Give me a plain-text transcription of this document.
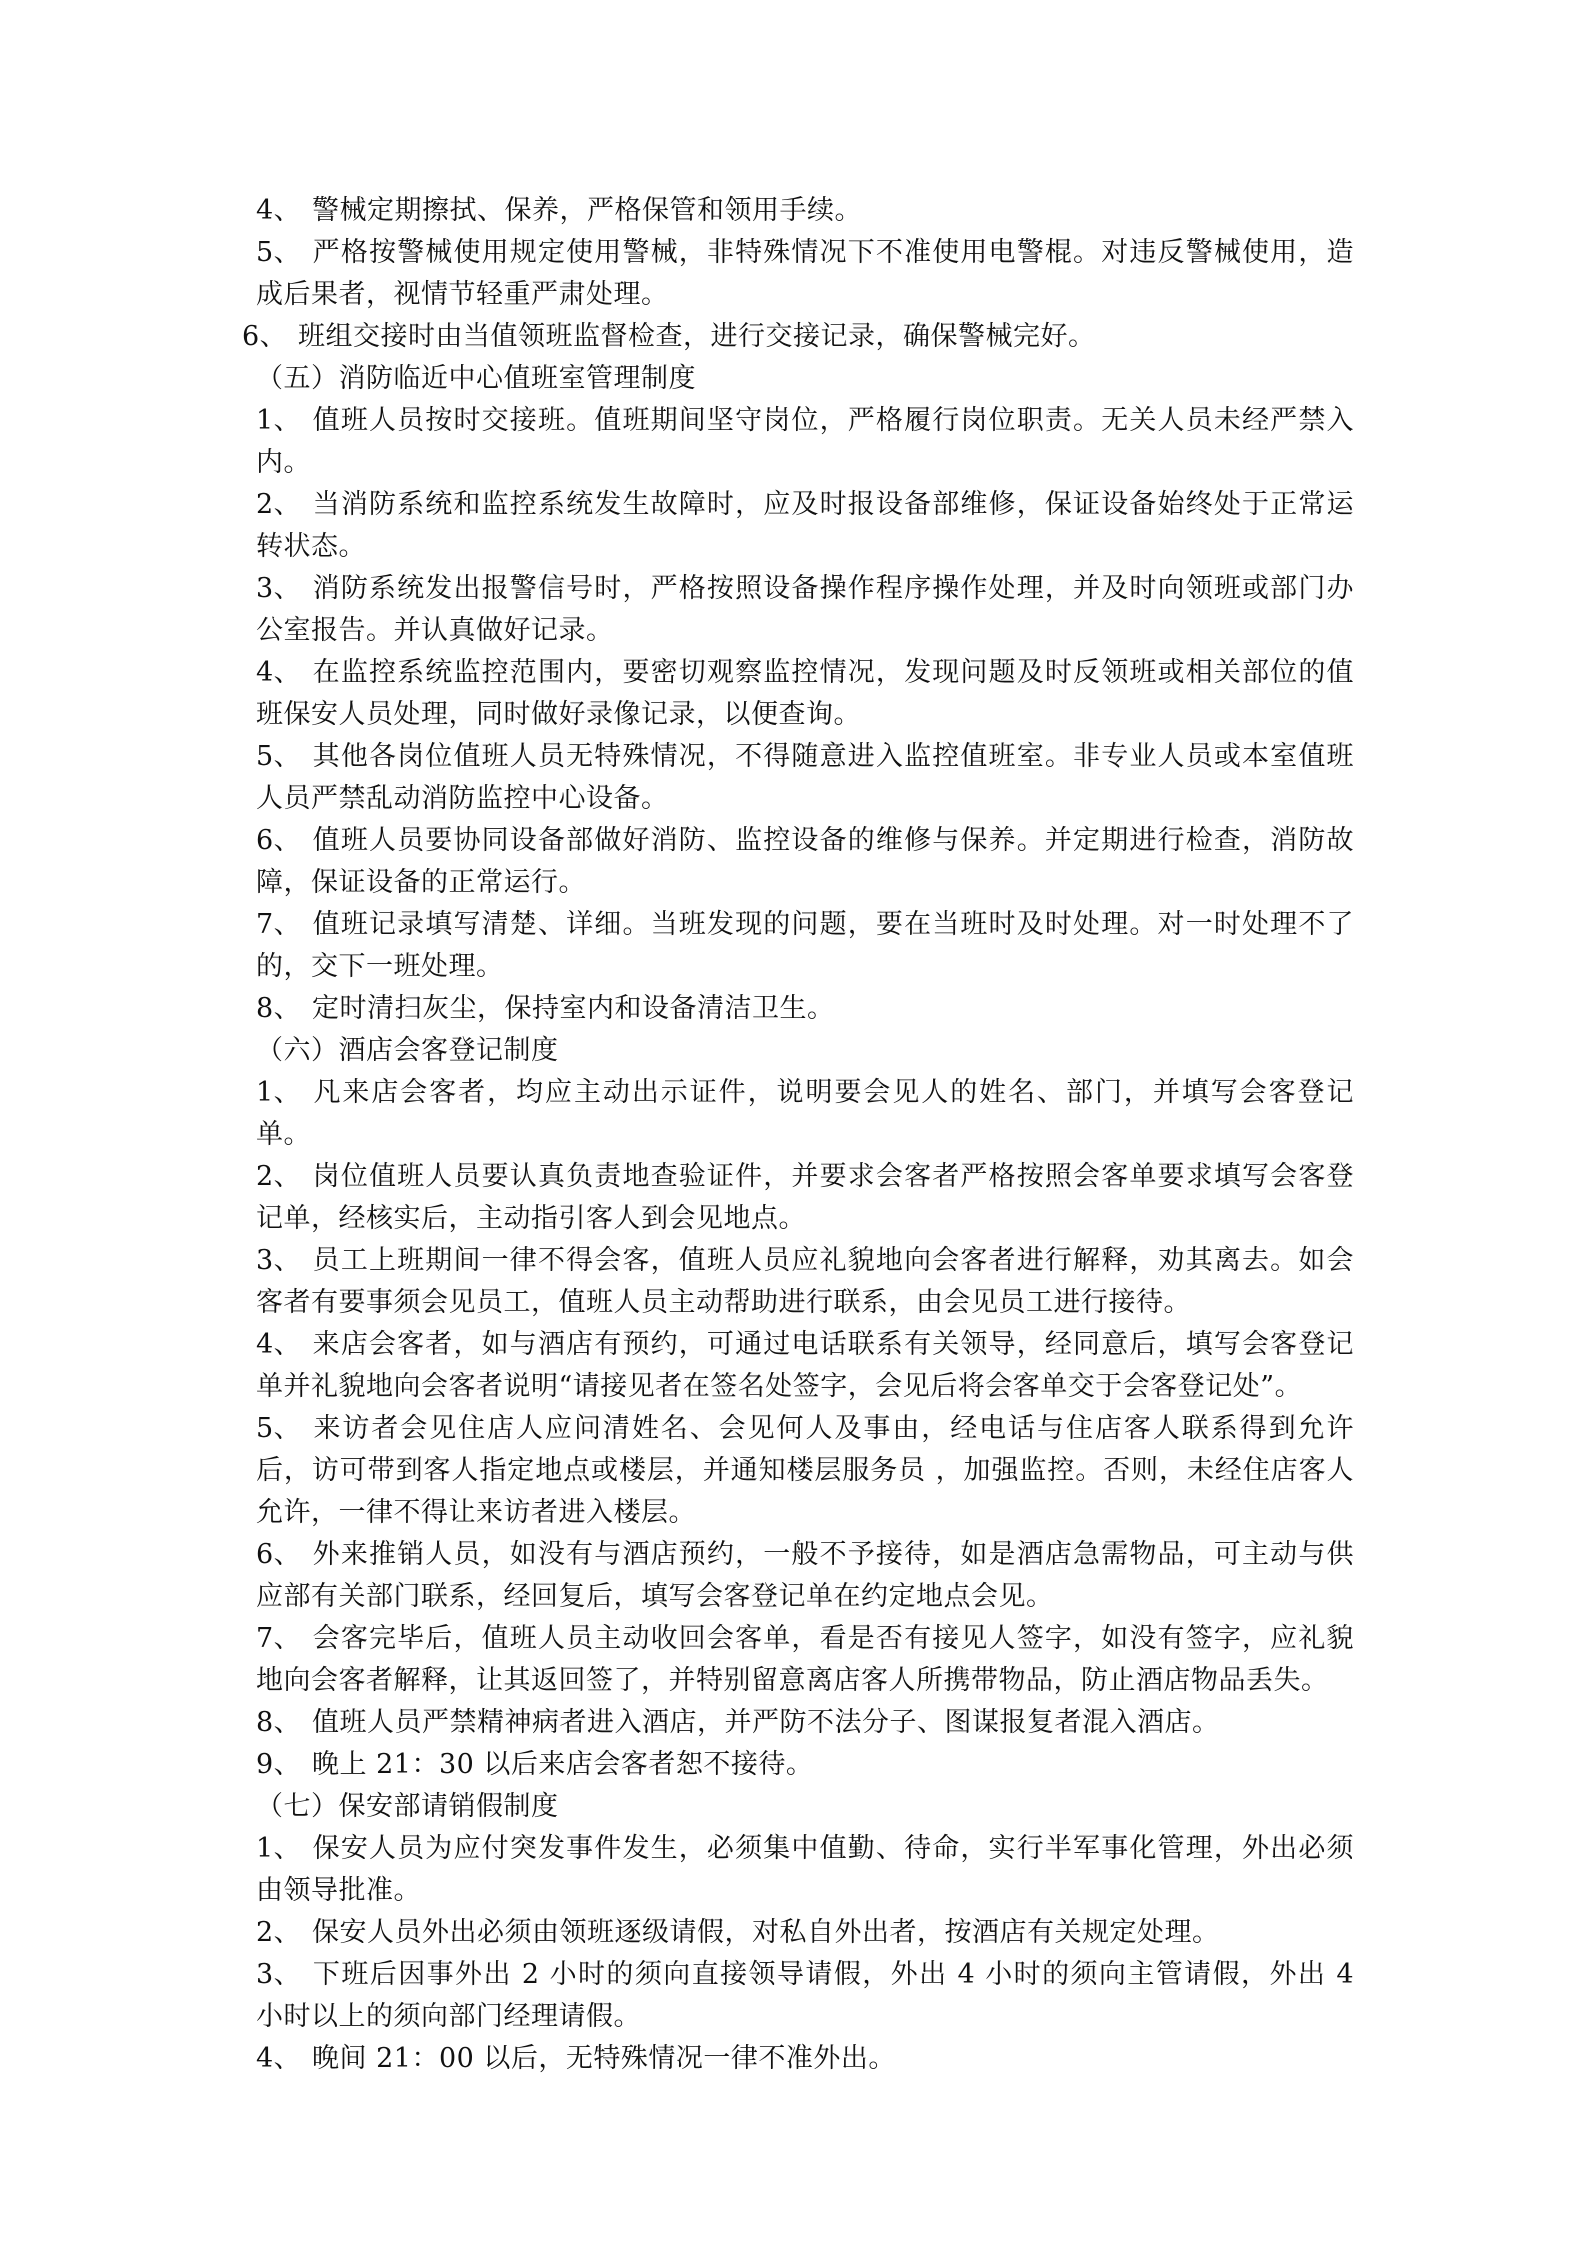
4、 警械定期擦拭、保养，严格保管和领用手续。

5、 严格按警械使用规定使用警械，非特殊情况下不准使用电警棍。对违反警械使用，造成后果者，视情节轻重严肃处理。

6、 班组交接时由当值领班监督检查，进行交接记录，确保警械完好。

（五）消防临近中心值班室管理制度

1、 值班人员按时交接班。值班期间坚守岗位，严格履行岗位职责。无关人员未经严禁入内。

2、 当消防系统和监控系统发生故障时，应及时报设备部维修，保证设备始终处于正常运转状态。

3、 消防系统发出报警信号时，严格按照设备操作程序操作处理，并及时向领班或部门办公室报告。并认真做好记录。

4、 在监控系统监控范围内，要密切观察监控情况，发现问题及时反领班或相关部位的值班保安人员处理，同时做好录像记录，以便查询。

5、 其他各岗位值班人员无特殊情况，不得随意进入监控值班室。非专业人员或本室值班人员严禁乱动消防监控中心设备。

6、 值班人员要协同设备部做好消防、监控设备的维修与保养。并定期进行检查，消防故障，保证设备的正常运行。

7、 值班记录填写清楚、详细。当班发现的问题，要在当班时及时处理。对一时处理不了的，交下一班处理。

8、 定时清扫灰尘，保持室内和设备清洁卫生。

（六）酒店会客登记制度

1、 凡来店会客者，均应主动出示证件，说明要会见人的姓名、部门，并填写会客登记单。

2、 岗位值班人员要认真负责地查验证件，并要求会客者严格按照会客单要求填写会客登记单，经核实后，主动指引客人到会见地点。

3、 员工上班期间一律不得会客，值班人员应礼貌地向会客者进行解释，劝其离去。如会客者有要事须会见员工，值班人员主动帮助进行联系，由会见员工进行接待。

4、 来店会客者，如与酒店有预约，可通过电话联系有关领导，经同意后，填写会客登记单并礼貌地向会客者说明“请接见者在签名处签字，会见后将会客单交于会客登记处”。

5、 来访者会见住店人应问清姓名、会见何人及事由，经电话与住店客人联系得到允许后，访可带到客人指定地点或楼层，并通知楼层服务员 ，加强监控。否则，未经住店客人允许，一律不得让来访者进入楼层。

6、 外来推销人员，如没有与酒店预约，一般不予接待，如是酒店急需物品，可主动与供应部有关部门联系，经回复后，填写会客登记单在约定地点会见。

7、 会客完毕后，值班人员主动收回会客单，看是否有接见人签字，如没有签字，应礼貌地向会客者解释，让其返回签了，并特别留意离店客人所携带物品，防止酒店物品丢失。

8、 值班人员严禁精神病者进入酒店，并严防不法分子、图谋报复者混入酒店。

9、 晚上 21：30 以后来店会客者恕不接待。

（七）保安部请销假制度

1、 保安人员为应付突发事件发生，必须集中值勤、待命，实行半军事化管理，外出必须由领导批准。

2、 保安人员外出必须由领班逐级请假，对私自外出者，按酒店有关规定处理。

3、 下班后因事外出 2 小时的须向直接领导请假，外出 4 小时的须向主管请假，外出 4 小时以上的须向部门经理请假。

4、 晚间 21：00 以后，无特殊情况一律不准外出。
